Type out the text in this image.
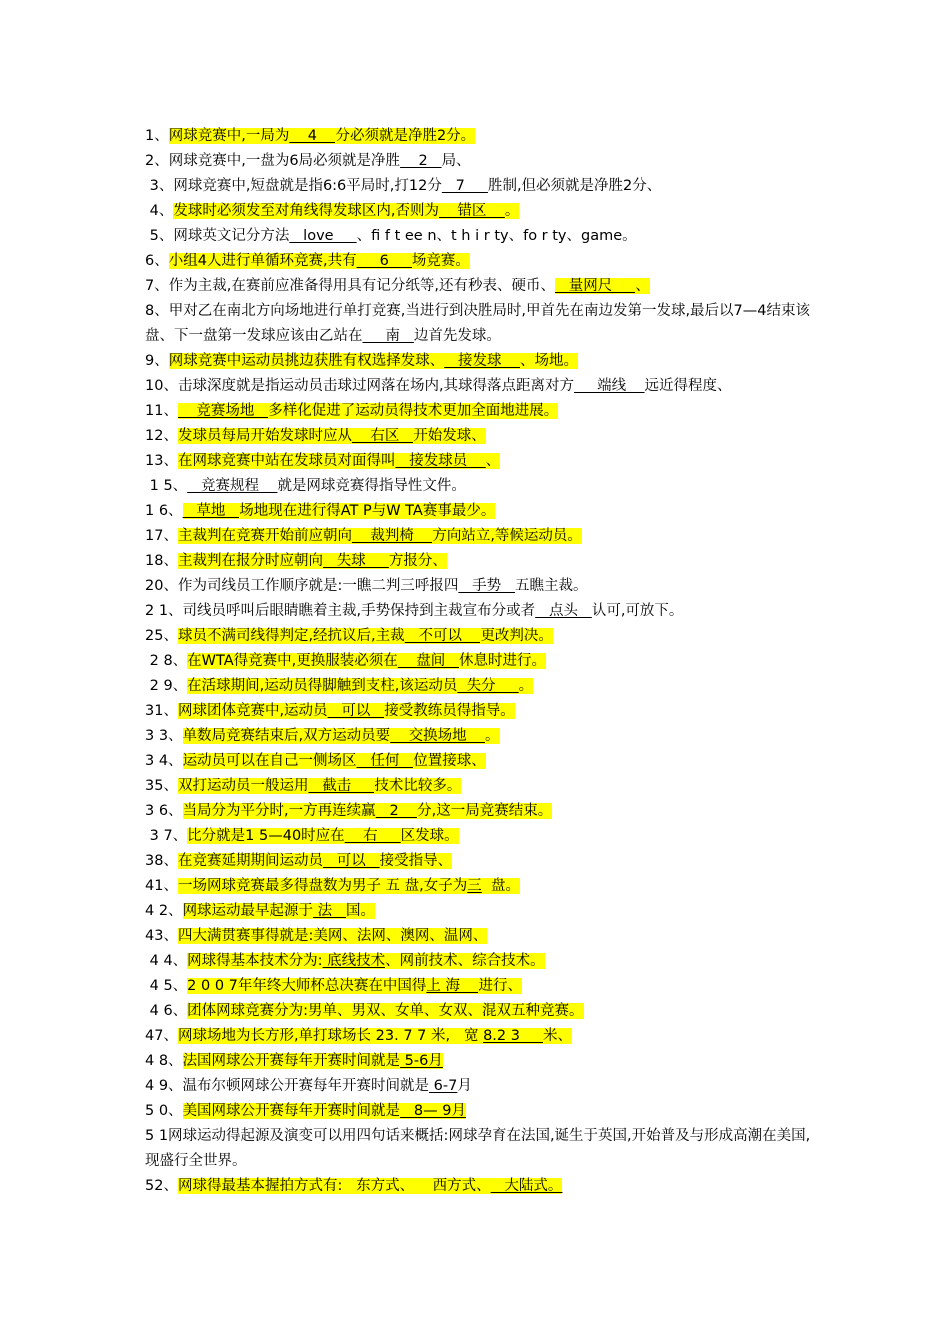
1、网球竞赛中,一局为    4    分必须就是净胜2分。
2、网球竞赛中,一盘为6局必须就是净胜    2   局、
3、网球竞赛中,短盘就是指6:6平局时,打12分   7     胜制,但必须就是净胜2分、
4、发球时必须发至对角线得发球区内,否则为    错区    。
5、网球英文记分方法   love     、fi f t ee n、t h i r ty、fo r ty、game。
6、小组4人进行单循环竞赛,共有     6     场竞赛。
7、作为主裁,在赛前应准备得用具有记分纸等,还有秒表、硬币、   量网尺     、
8、甲对乙在南北方向场地进行单打竞赛,当进行到决胜局时,甲首先在南边发第一发球,最后以7—4结束该盘、下一盘第一发球应该由乙站在     南   边首先发球。
9、网球竞赛中运动员挑边获胜有权选择发球、   接发球    、场地。
10、击球深度就是指运动员击球过网落在场内,其球得落点距离对方     端线    远近得程度、
11、    竞赛场地   多样化促进了运动员得技术更加全面地进展。
12、发球员每局开始发球时应从    右区   开始发球、
13、在网球竞赛中站在发球员对面得叫   接发球员    、
1 5、   竞赛规程    就是网球竞赛得指导性文件。
1 6、   草地   场地现在进行得AT P与W TA赛事最少。
17、主裁判在竞赛开始前应朝向    裁判椅    方向站立,等候运动员。
18、主裁判在报分时应朝向   失球     方报分、
20、作为司线员工作顺序就是:一瞧二判三呼报四   手势   五瞧主裁。
2 1、司线员呼叫后眼睛瞧着主裁,手势保持到主裁宣布分或者   点头   认可,可放下。
25、球员不满司线得判定,经抗议后,主裁   不可以    更改判决。
2 8、在WTA得竞赛中,更换服装必须在    盘间   休息时进行。
2 9、在活球期间,运动员得脚触到支柱,该运动员  失分     。
31、网球团体竞赛中,运动员   可以   接受教练员得指导。
3 3、单数局竞赛结束后,双方运动员要    交换场地    。
3 4、运动员可以在自己一侧场区   任何   位置接球、
35、双打运动员一般运用   截击     技术比较多。
3 6、当局分为平分时,一方再连续赢   2    分,这一局竞赛结束。
3 7、比分就是1 5—40时应在    右     区发球。
38、在竞赛延期期间运动员   可以   接受指导、
41、一场网球竞赛最多得盘数为男子 五 盘,女子为三  盘。
4 2、网球运动最早起源于 法   国。
43、四大满贯赛事得就是:美网、法网、澳网、温网、
4 4、网球得基本技术分为: 底线技术、网前技术、综合技术。
4 5、2 0 0 7年年终大师杯总决赛在中国得上 海    进行、
4 6、团体网球竞赛分为:男单、男双、女单、女双、混双五种竞赛。
47、网球场地为长方形,单打球场长 23. 7 7 米,   宽 8.2 3     米、
4 8、法国网球公开赛每年开赛时间就是 5-6月
4 9、温布尔顿网球公开赛每年开赛时间就是 6-7月
5 0、美国网球公开赛每年开赛时间就是   8— 9月
5 1网球运动得起源及演变可以用四句话来概括:网球孕育在法国,诞生于英国,开始普及与形成高潮在美国,现盛行全世界。
52、网球得最基本握拍方式有:   东方式、    西方式、   大陆式。
